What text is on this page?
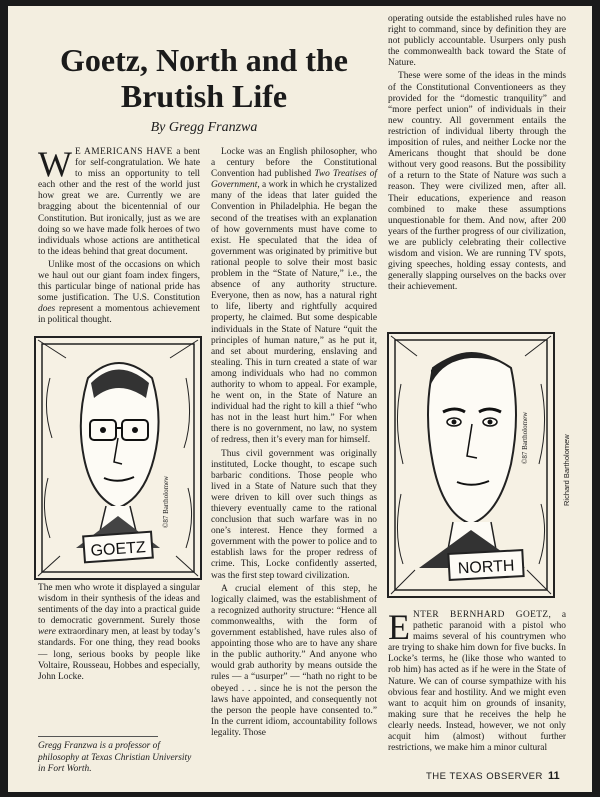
Goetz, North and the Brutish Life
By Gregg Franzwa

W E AMERICANS HAVE a bent for self-congratulation. We hate to miss an opportunity to tell each other and the rest of the world just how great we are. Currently we are bragging about the bicentennial of our Constitution. But ironically, just as we are doing so we have made folk heroes of two individuals whose actions are antithetical to the ideas behind that great document.

Unlike most of the occasions on which we haul out our giant foam index fingers, this particular binge of national pride has some justification. The U.S. Constitution does represent a momentous achievement in political thought.

GOETZ
©87 Bartholomew

The men who wrote it displayed a singular wisdom in their synthesis of the ideas and sentiments of the day into a practical guide to democratic government. Surely those were extraordinary men, at least by today’s standards. For one thing, they read books — long, serious books by people like Voltaire, Rousseau, Hobbes and especially, John Locke.

Gregg Franzwa is a professor of philosophy at Texas Christian University in Fort Worth.

Locke was an English philosopher, who a century before the Constitutional Convention had published Two Treatises of Government, a work in which he crystalized many of the ideas that later guided the Convention in Philadelphia. He began the second of the treatises with an explanation of how governments must have come to exist. He speculated that the idea of government was originated by primitive but rational people to solve their most basic problem in the “State of Nature,” i.e., the absence of any authority structure. Everyone, then as now, has a natural right to life, liberty and rightfully acquired property, he claimed. But some despicable individuals in the State of Nature “quit the principles of human nature,” as he put it, and set about murdering, enslaving and stealing. This in turn created a state of war among individuals who had no common authority to whom to appeal. For example, he went on, in the State of Nature an individual had the right to kill a thief “who has not in the least hurt him.” For when there is no government, no law, no system of redress, then it’s every man for himself.

Thus civil government was originally instituted, Locke thought, to escape such barbaric conditions. Those people who lived in a State of Nature such that they were driven to kill over such things as thievery eventually came to the rational conclusion that such warfare was in no one’s interest. Hence they formed a government with the power to police and to establish laws for the proper redress of crime. This, Locke confidently asserted, was the first step toward civilization.

A crucial element of this step, he logically claimed, was the establishment of a recognized authority structure: “Hence all commonwealths, with the form of government established, have rules also of appointing those who are to have any share in the public authority.” And anyone who would grab authority by means outside the rules — a “usurper” — “hath no right to be obeyed . . . since he is not the person the laws have appointed, and consequently not the person the people have consented to.” In the current idiom, accountability follows legality. Those

operating outside the established rules have no right to command, since by definition they are not publicly accountable. Usurpers only push the commonwealth back toward the State of Nature.

These were some of the ideas in the minds of the Constitutional Conventioneers as they provided for the “domestic tranquility” and “more perfect union” of individuals in their new country. All government entails the restriction of individual liberty through the imposition of rules, and neither Locke nor the Americans thought that should be done without very good reasons. But the possibility of a return to the State of Nature was such a reason. They were civilized men, after all. Their educations, experience and reason combined to make these assumptions unquestionable for them. And now, after 200 years of the further progress of our civilization, we are publicly celebrating their collective wisdom and vision. We are running TV spots, giving speeches, holding essay contests, and generally slapping ourselves on the backs over their achievement.

NORTH
©87 Bartholomew	Richard Bartholomew

ENTER BERNHARD GOETZ, a pathetic paranoid with a pistol who maims several of his countrymen who are trying to shake him down for five bucks. In Locke’s terms, he (like those who wanted to rob him) has acted as if he were in the State of Nature. We can of course sympathize with his obvious fear and hostility. And we might even want to acquit him on grounds of insanity, making sure that he receives the help he clearly needs. Instead, however, we not only acquit him (almost) without further restrictions, we make him a minor cultural

THE TEXAS OBSERVER 11
